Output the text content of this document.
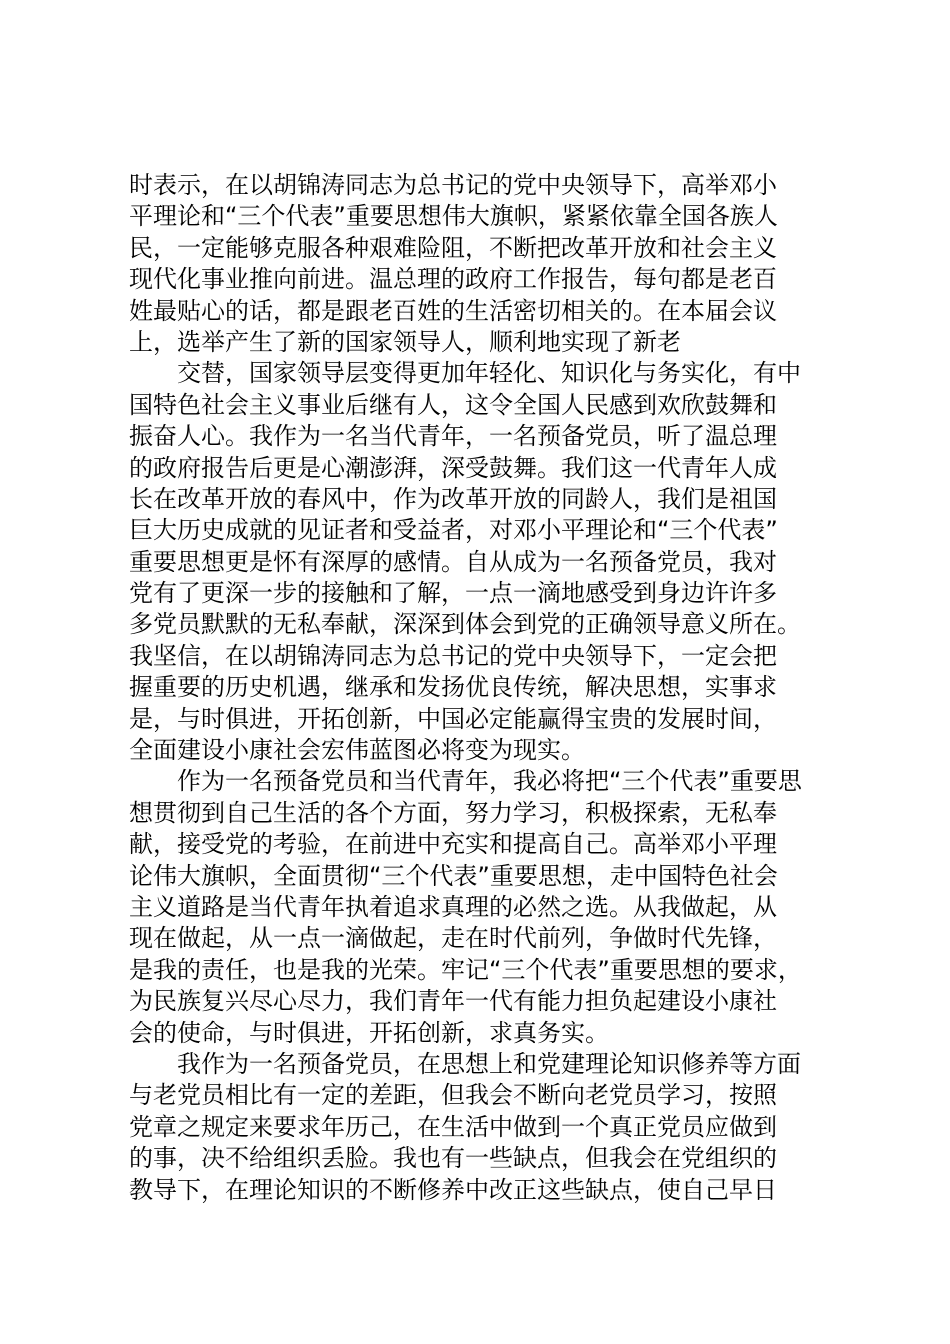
时表示，在以胡锦涛同志为总书记的党中央领导下，高举邓小
平理论和“三个代表”重要思想伟大旗帜，紧紧依靠全国各族人
民，一定能够克服各种艰难险阻，不断把改革开放和社会主义
现代化事业推向前进。温总理的政府工作报告，每句都是老百
姓最贴心的话，都是跟老百姓的生活密切相关的。在本届会议
上，选举产生了新的国家领导人，顺利地实现了新老
　　交替，国家领导层变得更加年轻化、知识化与务实化，有中
国特色社会主义事业后继有人，这令全国人民感到欢欣鼓舞和
振奋人心。我作为一名当代青年，一名预备党员，听了温总理
的政府报告后更是心潮澎湃，深受鼓舞。我们这一代青年人成
长在改革开放的春风中，作为改革开放的同龄人，我们是祖国
巨大历史成就的见证者和受益者，对邓小平理论和“三个代表”
重要思想更是怀有深厚的感情。自从成为一名预备党员，我对
党有了更深一步的接触和了解，一点一滴地感受到身边许许多
多党员默默的无私奉献，深深到体会到党的正确领导意义所在。
我坚信，在以胡锦涛同志为总书记的党中央领导下，一定会把
握重要的历史机遇，继承和发扬优良传统，解决思想，实事求
是，与时俱进，开拓创新，中国必定能赢得宝贵的发展时间，
全面建设小康社会宏伟蓝图必将变为现实。
　　作为一名预备党员和当代青年，我必将把“三个代表”重要思
想贯彻到自己生活的各个方面，努力学习，积极探索，无私奉
献，接受党的考验，在前进中充实和提高自己。高举邓小平理
论伟大旗帜，全面贯彻“三个代表”重要思想，走中国特色社会
主义道路是当代青年执着追求真理的必然之选。从我做起，从
现在做起，从一点一滴做起，走在时代前列，争做时代先锋，
是我的责任，也是我的光荣。牢记“三个代表”重要思想的要求，
为民族复兴尽心尽力，我们青年一代有能力担负起建设小康社
会的使命，与时俱进，开拓创新，求真务实。
　　我作为一名预备党员，在思想上和党建理论知识修养等方面
与老党员相比有一定的差距，但我会不断向老党员学习，按照
党章之规定来要求年历己，在生活中做到一个真正党员应做到
的事，决不给组织丢脸。我也有一些缺点，但我会在党组织的
教导下，在理论知识的不断修养中改正这些缺点，使自己早日
